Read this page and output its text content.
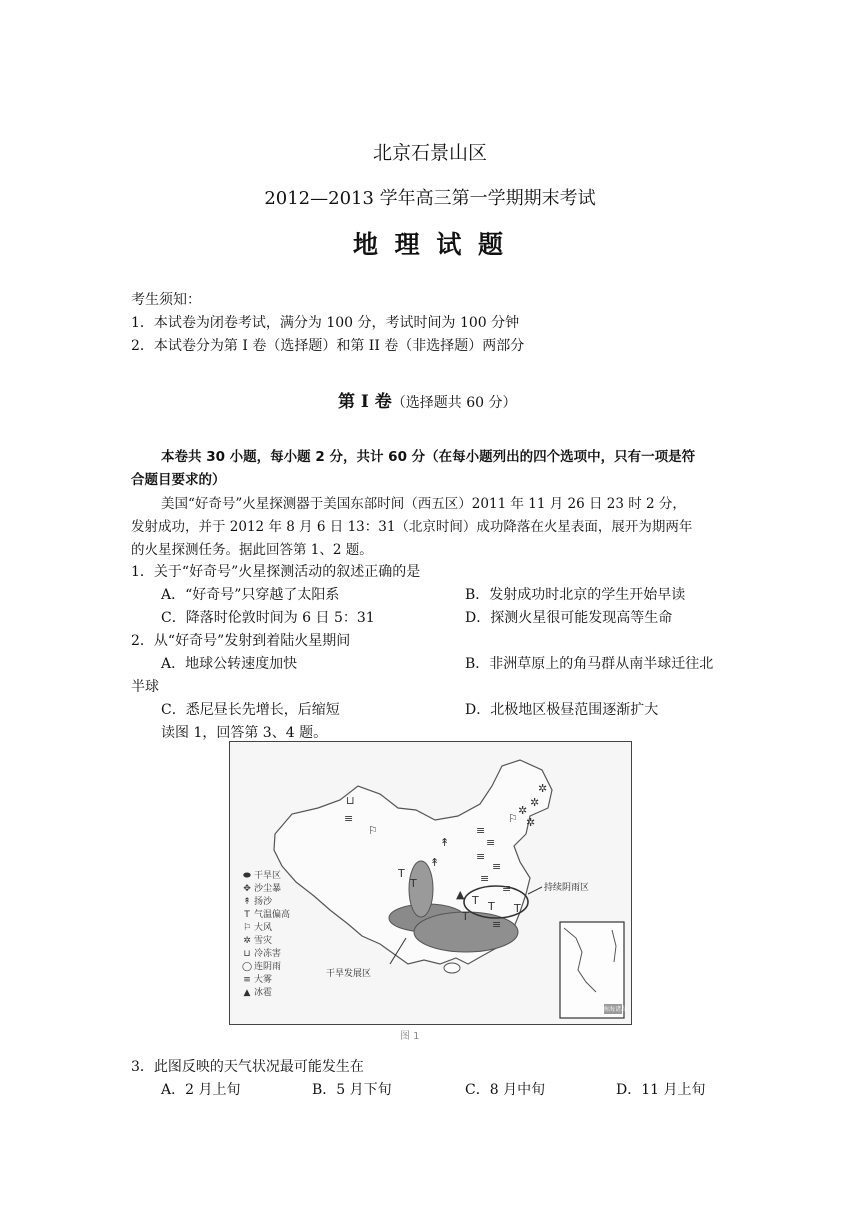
北京石景山区
2012—2013 学年高三第一学期期末考试
地 理 试 题
考生须知：
1．本试卷为闭卷考试，满分为 100 分，考试时间为 100 分钟
2．本试卷分为第 I 卷（选择题）和第 II 卷（非选择题）两部分
第 Ⅰ 卷（选择题共 60 分）
本卷共 30 小题，每小题 2 分，共计 60 分（在每小题列出的四个选项中，只有一项是符
合题目要求的）
美国“好奇号”火星探测器于美国东部时间（西五区）2011 年 11 月 26 日 23 时 2 分，
发射成功，并于 2012 年 8 月 6 日 13：31（北京时间）成功降落在火星表面，展开为期两年
的火星探测任务。据此回答第 1、2 题。
1．关于“好奇号”火星探测活动的叙述正确的是
A．“好奇号”只穿越了太阳系	B．发射成功时北京的学生开始早读
C．降落时伦敦时间为 6 日 5：31	D．探测火星很可能发现高等生命
2．从“好奇号”发射到着陆火星期间
A．地球公转速度加快	B．非洲草原上的角马群从南半球迁往北
半球
C．悉尼昼长先增长，后缩短	D．北极地区极昼范围逐渐扩大
读图 1，回答第 3、4 题。
⊔
≡
⚐
T
T
↟
↟
≡
≡
≡
≡
≡
⚐
✲
✲
✲
✲
▲ T T
≡
T
T
≡
⬬ 干旱区
✥ 沙尘暴
↟ 扬沙
T 气温偏高
⚐ 大风
✲ 雪灾
⊔ 冷冻害
◯ 连阴雨
≡ 大雾
▲ 冰雹
持续阴雨区
干旱发展区
南海诸岛
图 1
3．此图反映的天气状况最可能发生在
A．2 月上旬	B．5 月下旬	C．8 月中旬	D．11 月上旬
